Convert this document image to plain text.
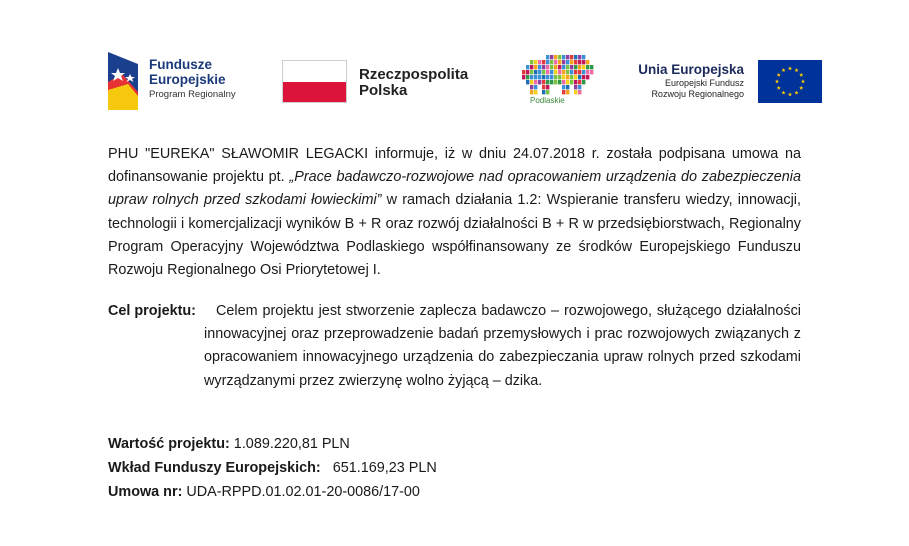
Fundusze
Europejskie
Program Regionalny
Rzeczpospolita
Polska
Podlaskie
Unia Europejska
Europejski Fundusz
Rozwoju Regionalnego
PHU "EUREKA" SŁAWOMIR LEGACKI informuje, iż w dniu 24.07.2018 r. została podpisana umowa na dofinansowanie projektu pt. „Prace badawczo-rozwojowe nad opracowaniem urządzenia do zabezpieczenia upraw rolnych przed szkodami łowieckimi” w ramach działania 1.2: Wspieranie transferu wiedzy, innowacji, technologii i komercjalizacji wyników B + R oraz rozwój działalności B + R w przedsiębiorstwach, Regionalny Program Operacyjny Województwa Podlaskiego współfinansowany ze środków Europejskiego Funduszu Rozwoju Regionalnego Osi Priorytetowej I.
Cel projektu:	Celem projektu jest stworzenie zaplecza badawczo – rozwojowego, służącego działalności innowacyjnej oraz przeprowadzenie badań przemysłowych i prac rozwojowych związanych z opracowaniem innowacyjnego urządzenia do zabezpieczania upraw rolnych przed szkodami wyrządzanymi przez zwierzynę wolno żyjącą – dzika.
Wartość projektu: 1.089.220,81 PLN
Wkład Funduszy Europejskich:   651.169,23 PLN
Umowa nr: UDA-RPPD.01.02.01-20-0086/17-00
